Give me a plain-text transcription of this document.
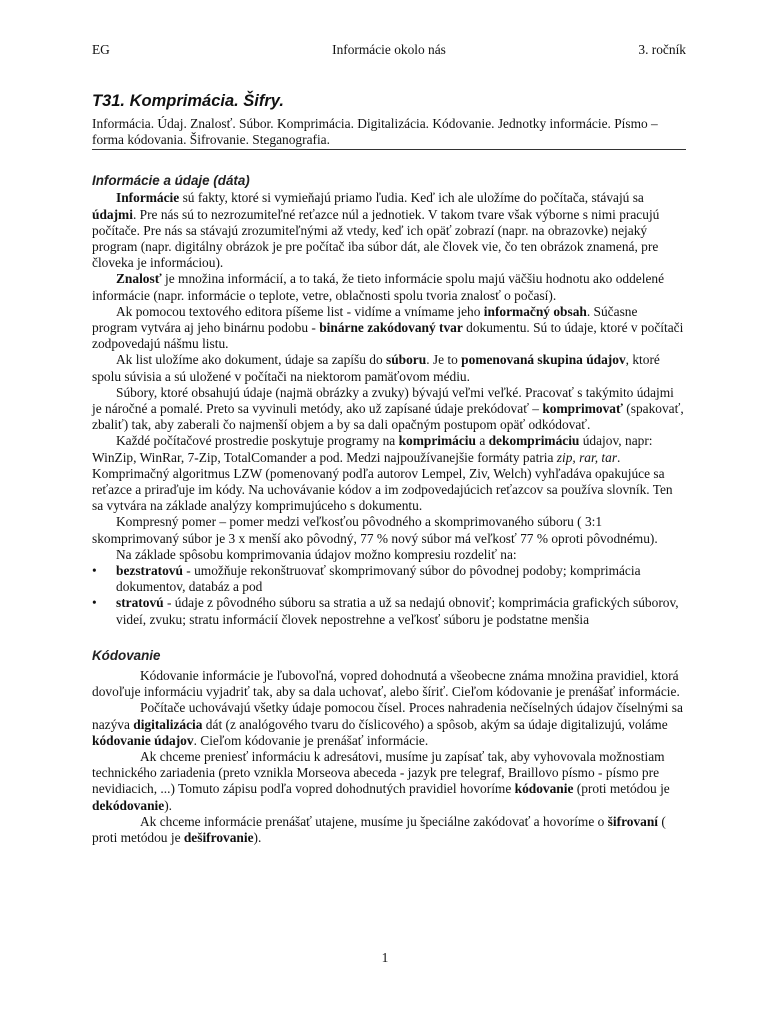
EG	Informácie okolo nás	3. ročník
T31. Komprimácia. Šifry.
Informácia. Údaj. Znalosť. Súbor. Komprimácia. Digitalizácia. Kódovanie. Jednotky informácie. Písmo – forma kódovania. Šifrovanie. Steganografia.
Informácie a údaje (dáta)

Informácie sú fakty, ktoré si vymieňajú priamo ľudia. Keď ich ale uložíme do počítača, stávajú sa údajmi. Pre nás sú to nezrozumiteľné reťazce núl a jednotiek. V takom tvare však výborne s nimi pracujú počítače. Pre nás sa stávajú zrozumiteľnými až vtedy, keď ich opäť zobrazí (napr. na obrazovke) nejaký program (napr. digitálny obrázok je pre počítač iba súbor dát, ale človek vie, čo ten obrázok znamená, pre človeka je informáciou).

Znalosť je množina informácií, a to taká, že tieto informácie spolu majú väčšiu hodnotu ako oddelené informácie (napr. informácie o teplote, vetre, oblačnosti spolu tvoria znalosť o počasí).

Ak pomocou textového editora píšeme list - vidíme a vnímame jeho informačný obsah. Súčasne program vytvára aj jeho binárnu podobu - binárne zakódovaný tvar dokumentu. Sú to údaje, ktoré v počítači zodpovedajú nášmu listu.

Ak list uložíme ako dokument, údaje sa zapíšu do súboru. Je to pomenovaná skupina údajov, ktoré spolu súvisia a sú uložené v počítači na niektorom pamäťovom médiu.

Súbory, ktoré obsahujú údaje (najmä obrázky a zvuky) bývajú veľmi veľké. Pracovať s takýmito údajmi je náročné a pomalé. Preto sa vyvinuli metódy, ako už zapísané údaje prekódovať – komprimovať (spakovať, zbaliť) tak, aby zaberali čo najmenší objem a by sa dali opačným postupom opäť odkódovať.

Každé počítačové prostredie poskytuje programy na komprimáciu a dekomprimáciu údajov, napr: WinZip, WinRar, 7-Zip, TotalComander a pod. Medzi najpoužívanejšie formáty patria zip, rar, tar. Komprimačný algoritmus LZW (pomenovaný podľa autorov Lempel, Ziv, Welch) vyhľadáva opakujúce sa reťazce a priraďuje im kódy. Na uchovávanie kódov a im zodpovedajúcich reťazcov sa používa slovník. Ten sa vytvára na základe analýzy komprimujúceho s dokumentu.

Kompresný pomer – pomer medzi veľkosťou pôvodného a skomprimovaného súboru ( 3:1 skomprimovaný súbor je 3 x menší ako pôvodný, 77 % nový súbor má veľkosť 77 % oproti pôvodnému).

Na základe spôsobu komprimovania údajov možno kompresiu rozdeliť na:

• bezstratovú - umožňuje rekonštruovať skomprimovaný súbor do pôvodnej podoby; komprimácia dokumentov, databáz a pod
• stratovú - údaje z pôvodného súboru sa stratia a už sa nedajú obnoviť; komprimácia grafických súborov, videí, zvuku; stratu informácií človek nepostrehne a veľkosť súboru je podstatne menšia
Kódovanie

Kódovanie informácie je ľubovoľná, vopred dohodnutá a všeobecne známa množina pravidiel, ktorá dovoľuje informáciu vyjadriť tak, aby sa dala uchovať, alebo šíriť. Cieľom kódovanie je prenášať informácie.

Počítače uchovávajú všetky údaje pomocou čísel. Proces nahradenia nečíselných údajov číselnými sa nazýva digitalizácia dát (z analógového tvaru do číslicového) a spôsob, akým sa údaje digitalizujú, voláme kódovanie údajov. Cieľom kódovanie je prenášať informácie.

Ak chceme preniesť informáciu k adresátovi, musíme ju zapísať tak, aby vyhovovala možnostiam technického zariadenia (preto vznikla Morseova abeceda - jazyk pre telegraf, Braillovo písmo - písmo pre nevidiacich, ...) Tomuto zápisu podľa vopred dohodnutých pravidiel hovoríme kódovanie (proti metódou je dekódovanie).

Ak chceme informácie prenášať utajene, musíme ju špeciálne zakódovať a hovoríme o šifrovaní ( proti metódou je dešifrovanie).

1
